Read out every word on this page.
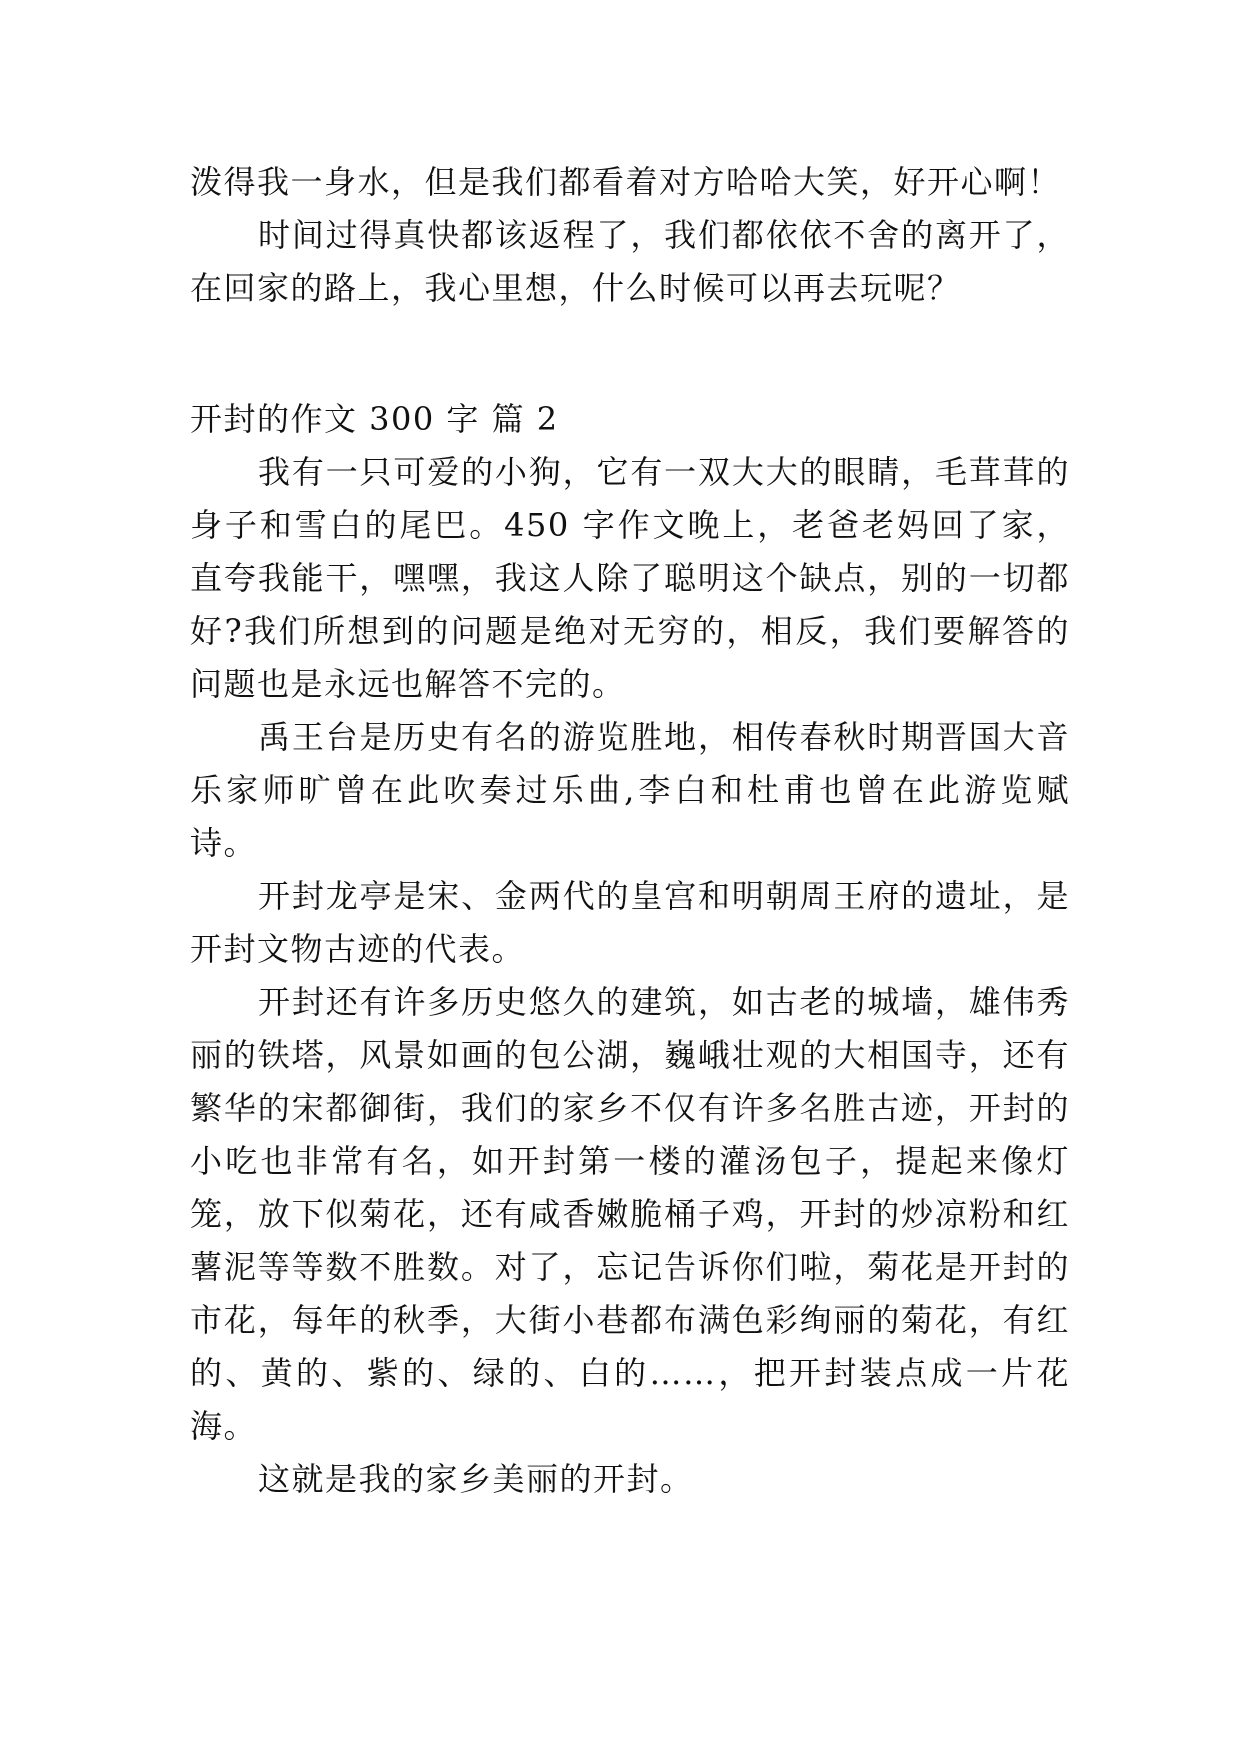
泼得我一身水，但是我们都看着对方哈哈大笑，好开心啊！

时间过得真快都该返程了，我们都依依不舍的离开了，在回家的路上，我心里想，什么时候可以再去玩呢？

开封的作文 300 字 篇 2

我有一只可爱的小狗，它有一双大大的眼睛，毛茸茸的身子和雪白的尾巴。450 字作文晚上，老爸老妈回了家，直夸我能干，嘿嘿，我这人除了聪明这个缺点，别的一切都好?我们所想到的问题是绝对无穷的，相反，我们要解答的问题也是永远也解答不完的。

禹王台是历史有名的游览胜地，相传春秋时期晋国大音乐家师旷曾在此吹奏过乐曲,李白和杜甫也曾在此游览赋诗。

开封龙亭是宋、金两代的皇宫和明朝周王府的遗址，是开封文物古迹的代表。

开封还有许多历史悠久的建筑，如古老的城墙，雄伟秀丽的铁塔，风景如画的包公湖，巍峨壮观的大相国寺，还有繁华的宋都御街，我们的家乡不仅有许多名胜古迹，开封的小吃也非常有名，如开封第一楼的灌汤包子，提起来像灯笼，放下似菊花，还有咸香嫩脆桶子鸡，开封的炒凉粉和红薯泥等等数不胜数。对了，忘记告诉你们啦，菊花是开封的市花，每年的秋季，大街小巷都布满色彩绚丽的菊花，有红的、黄的、紫的、绿的、白的……，把开封装点成一片花海。

这就是我的家乡美丽的开封。
